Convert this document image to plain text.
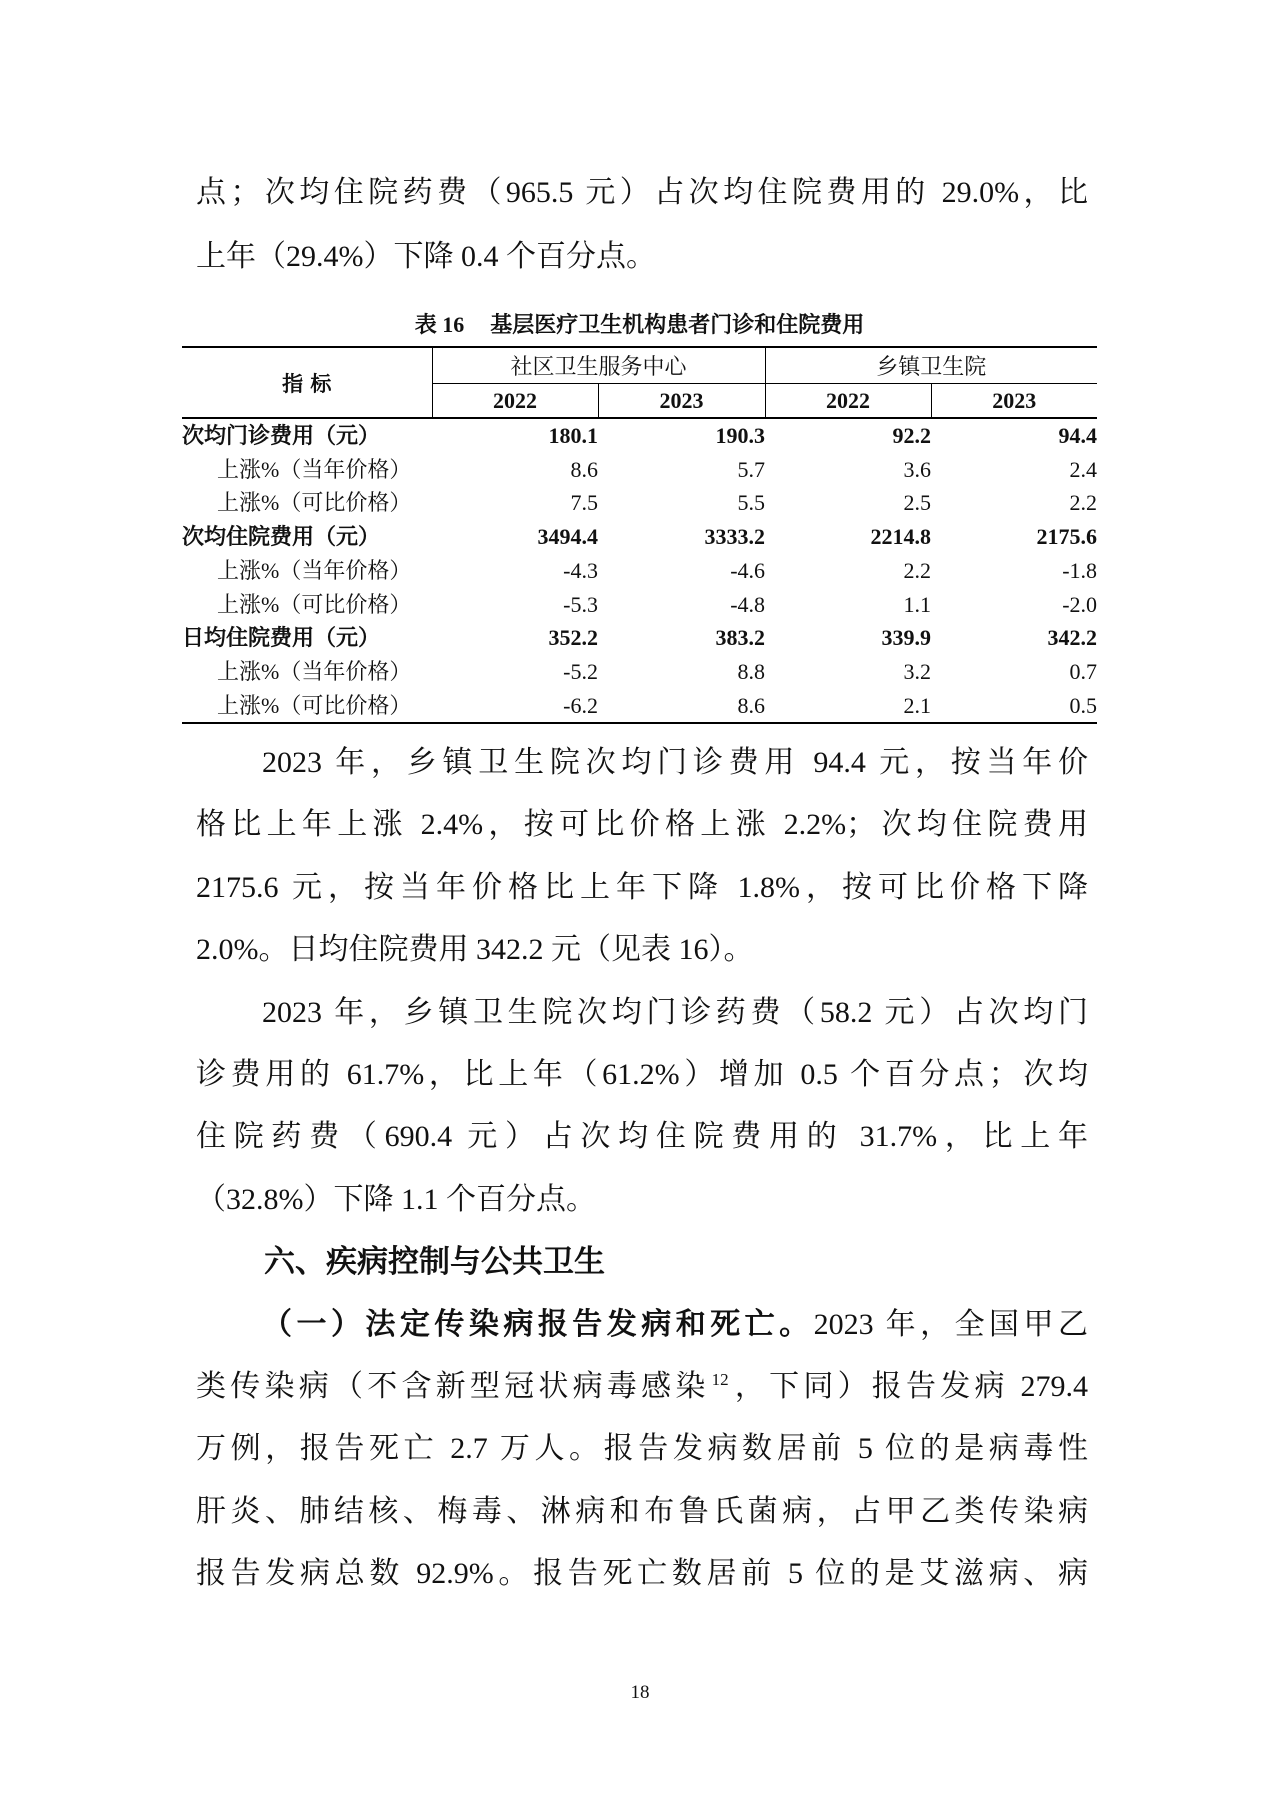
点；次均住院药费（965.5 元）占次均住院费用的 29.0%，比
上年（29.4%）下降 0.4 个百分点。
表 16 基层医疗卫生机构患者门诊和住院费用
指 标	社区卫生服务中心		乡镇卫生院	
	2022	2023	2022	2023
次均门诊费用（元）	180.1	190.3	92.2	94.4
上涨%（当年价格）	8.6	5.7	3.6	2.4
上涨%（可比价格）	7.5	5.5	2.5	2.2
次均住院费用（元）	3494.4	3333.2	2214.8	2175.6
上涨%（当年价格）	-4.3	-4.6	2.2	-1.8
上涨%（可比价格）	-5.3	-4.8	1.1	-2.0
日均住院费用（元）	352.2	383.2	339.9	342.2
上涨%（当年价格）	-5.2	8.8	3.2	0.7
上涨%（可比价格）	-6.2	8.6	2.1	0.5
2023 年，乡镇卫生院次均门诊费用 94.4 元，按当年价
格比上年上涨 2.4%，按可比价格上涨 2.2%；次均住院费用
2175.6 元，按当年价格比上年下降 1.8%，按可比价格下降
2.0%。日均住院费用 342.2 元（见表 16）。
2023 年，乡镇卫生院次均门诊药费（58.2 元）占次均门
诊费用的 61.7%，比上年（61.2%）增加 0.5 个百分点；次均
住院药费（690.4 元）占次均住院费用的 31.7%，比上年
（32.8%）下降 1.1 个百分点。
六、疾病控制与公共卫生
（一）法定传染病报告发病和死亡。2023 年，全国甲乙
类传染病（不含新型冠状病毒感染 $^{12}$，下同）报告发病 279.4
万例，报告死亡 2.7 万人。报告发病数居前 5 位的是病毒性
肝炎、肺结核、梅毒、淋病和布鲁氏菌病，占甲乙类传染病
报告发病总数 92.9%。报告死亡数居前 5 位的是艾滋病、病
18
